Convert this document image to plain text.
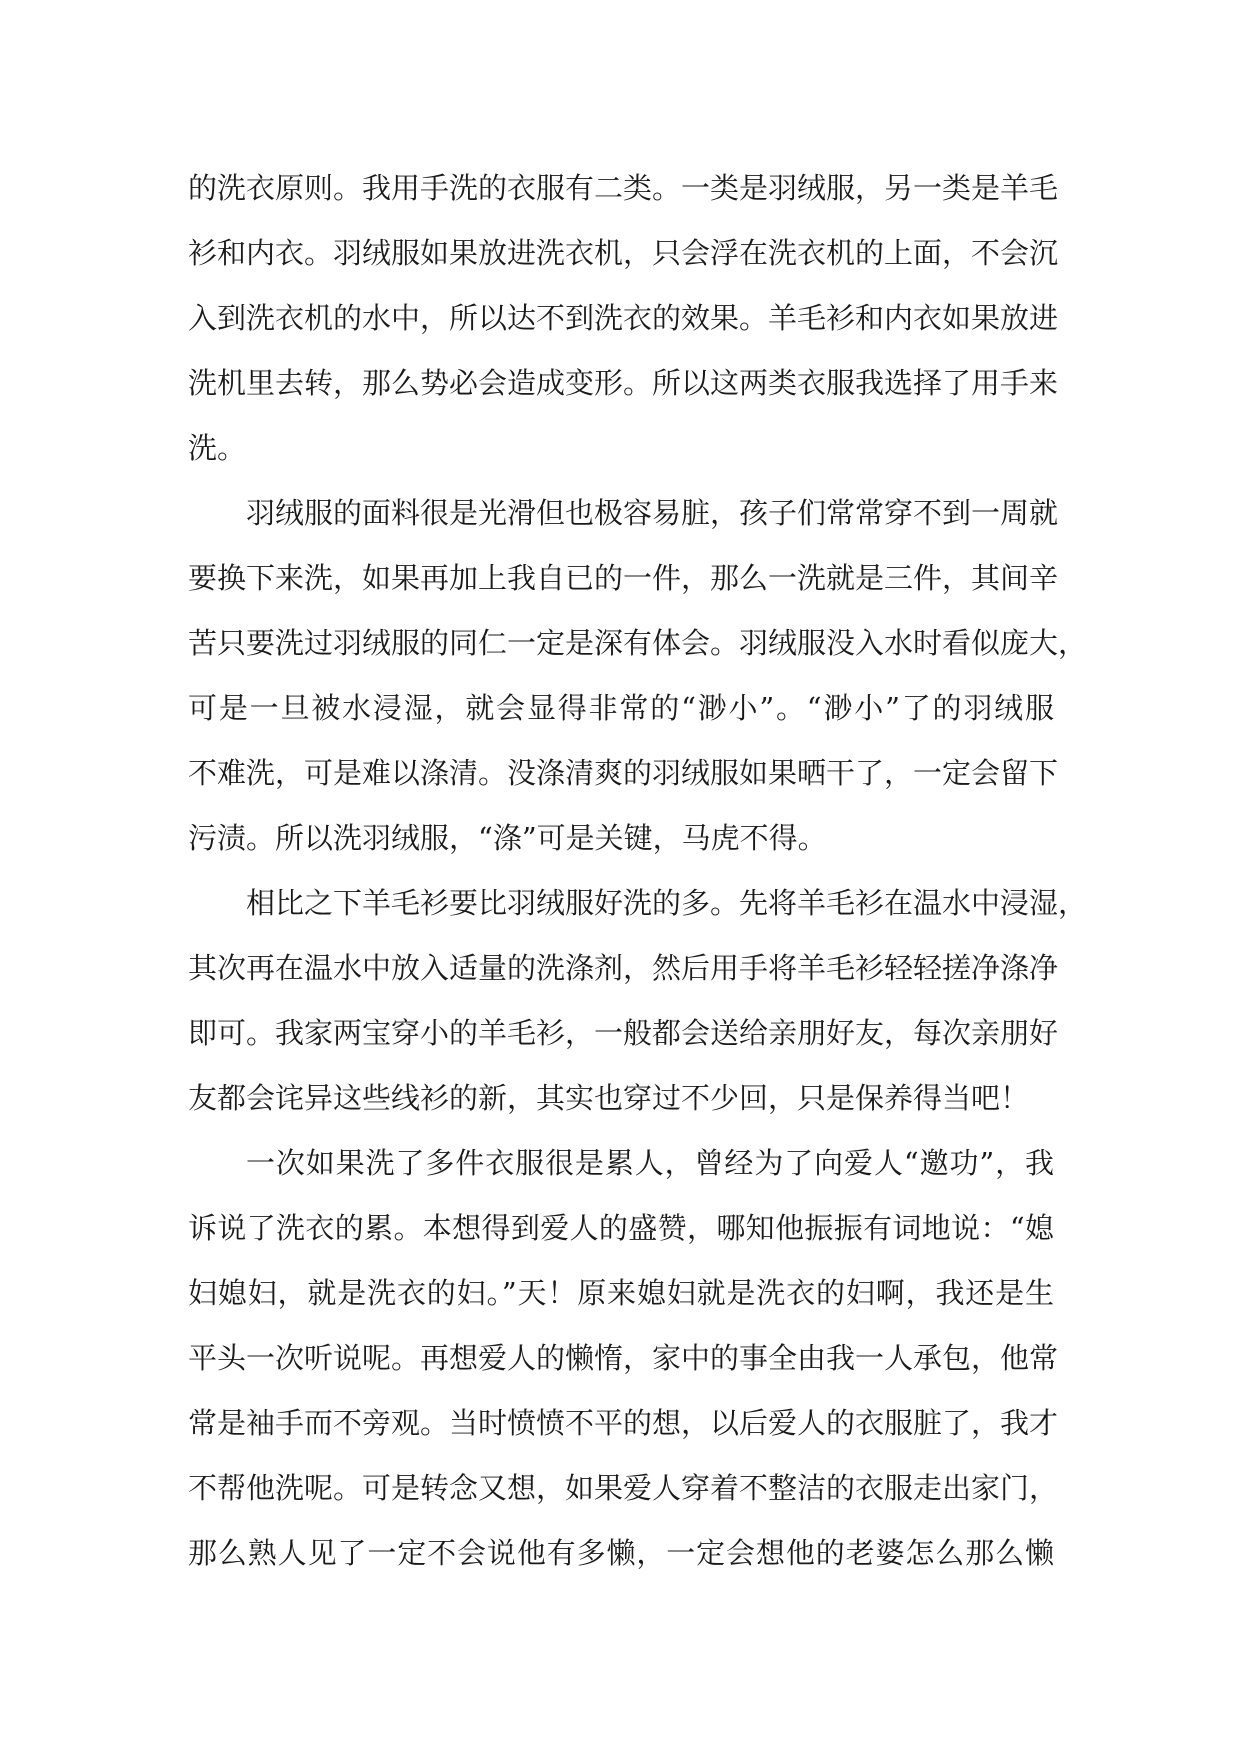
的洗衣原则。我用手洗的衣服有二类。一类是羽绒服，另一类是羊毛
衫和内衣。羽绒服如果放进洗衣机，只会浮在洗衣机的上面，不会沉
入到洗衣机的水中，所以达不到洗衣的效果。羊毛衫和内衣如果放进
洗机里去转，那么势必会造成变形。所以这两类衣服我选择了用手来
洗。
羽绒服的面料很是光滑但也极容易脏，孩子们常常穿不到一周就
要换下来洗，如果再加上我自已的一件，那么一洗就是三件，其间辛
苦只要洗过羽绒服的同仁一定是深有体会。羽绒服没入水时看似庞大，
可是一旦被水浸湿，就会显得非常的“渺小”。“渺小”了的羽绒服
不难洗，可是难以涤清。没涤清爽的羽绒服如果晒干了，一定会留下
污渍。所以洗羽绒服，“涤”可是关键，马虎不得。
相比之下羊毛衫要比羽绒服好洗的多。先将羊毛衫在温水中浸湿，
其次再在温水中放入适量的洗涤剂，然后用手将羊毛衫轻轻搓净涤净
即可。我家两宝穿小的羊毛衫，一般都会送给亲朋好友，每次亲朋好
友都会诧异这些线衫的新，其实也穿过不少回，只是保养得当吧！
一次如果洗了多件衣服很是累人，曾经为了向爱人“邀功”，我
诉说了洗衣的累。本想得到爱人的盛赞，哪知他振振有词地说：“媳
妇媳妇，就是洗衣的妇。”天！原来媳妇就是洗衣的妇啊，我还是生
平头一次听说呢。再想爱人的懒惰，家中的事全由我一人承包，他常
常是袖手而不旁观。当时愤愤不平的想，以后爱人的衣服脏了，我才
不帮他洗呢。可是转念又想，如果爱人穿着不整洁的衣服走出家门，
那么熟人见了一定不会说他有多懒，一定会想他的老婆怎么那么懒
